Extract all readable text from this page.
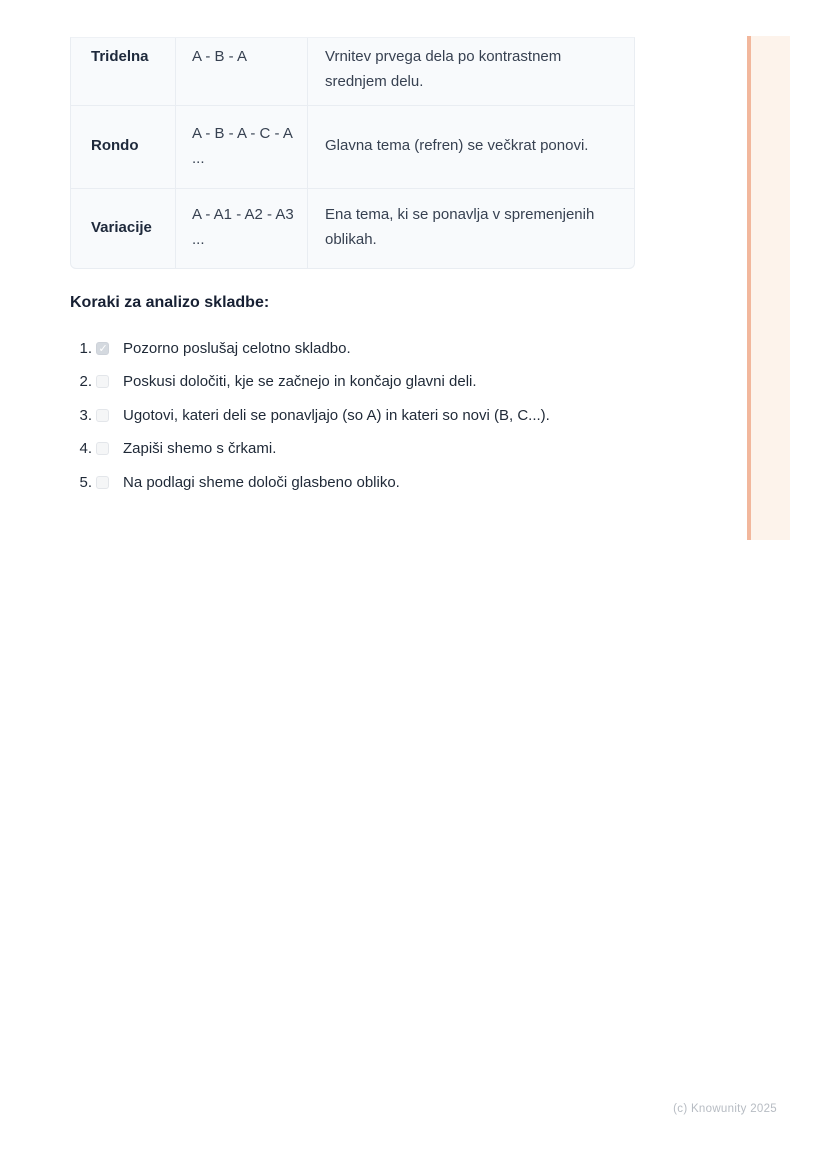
Tridelna	A - B - A	Vrnitev prvega dela po kontrastnem srednjem delu.
Rondo	A - B - A - C - A ...	Glavna tema (refren) se večkrat ponovi.
Variacije	A - A1 - A2 - A3 ...	Ena tema, ki se ponavlja v spremenjenih oblikah.
Koraki za analizo skladbe:
1. ✓ Pozorno poslušaj celotno skladbo.
2. Poskusi določiti, kje se začnejo in končajo glavni deli.
3. Ugotovi, kateri deli se ponavljajo (so A) in kateri so novi (B, C...).
4. Zapiši shemo s črkami.
5. Na podlagi sheme določi glasbeno obliko.
(c) Knowunity 2025
